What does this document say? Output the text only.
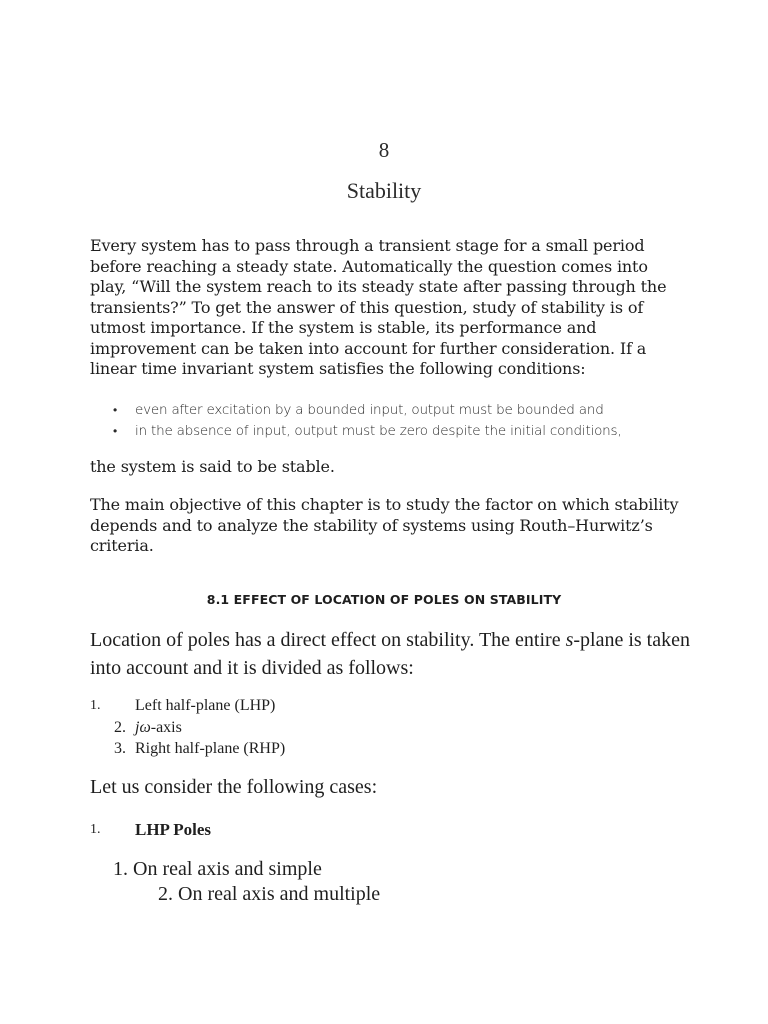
8
Stability
Every system has to pass through a transient stage for a small period before reaching a steady state. Automatically the question comes into play, “Will the system reach to its steady state after passing through the transients?” To get the answer of this question, study of stability is of utmost importance. If the system is stable, its performance and improvement can be taken into account for further consideration. If a linear time invariant system satisfies the following conditions:
• even after excitation by a bounded input, output must be bounded and
• in the absence of input, output must be zero despite the initial conditions,
the system is said to be stable.
The main objective of this chapter is to study the factor on which stability depends and to analyze the stability of systems using Routh–Hurwitz’s criteria.
8.1 EFFECT OF LOCATION OF POLES ON STABILITY
Location of poles has a direct effect on stability. The entire s-plane is taken into account and it is divided as follows:
1. Left half-plane (LHP)
2. jω-axis
3. Right half-plane (RHP)
Let us consider the following cases:
1. LHP Poles
1. On real axis and simple
2. On real axis and multiple
